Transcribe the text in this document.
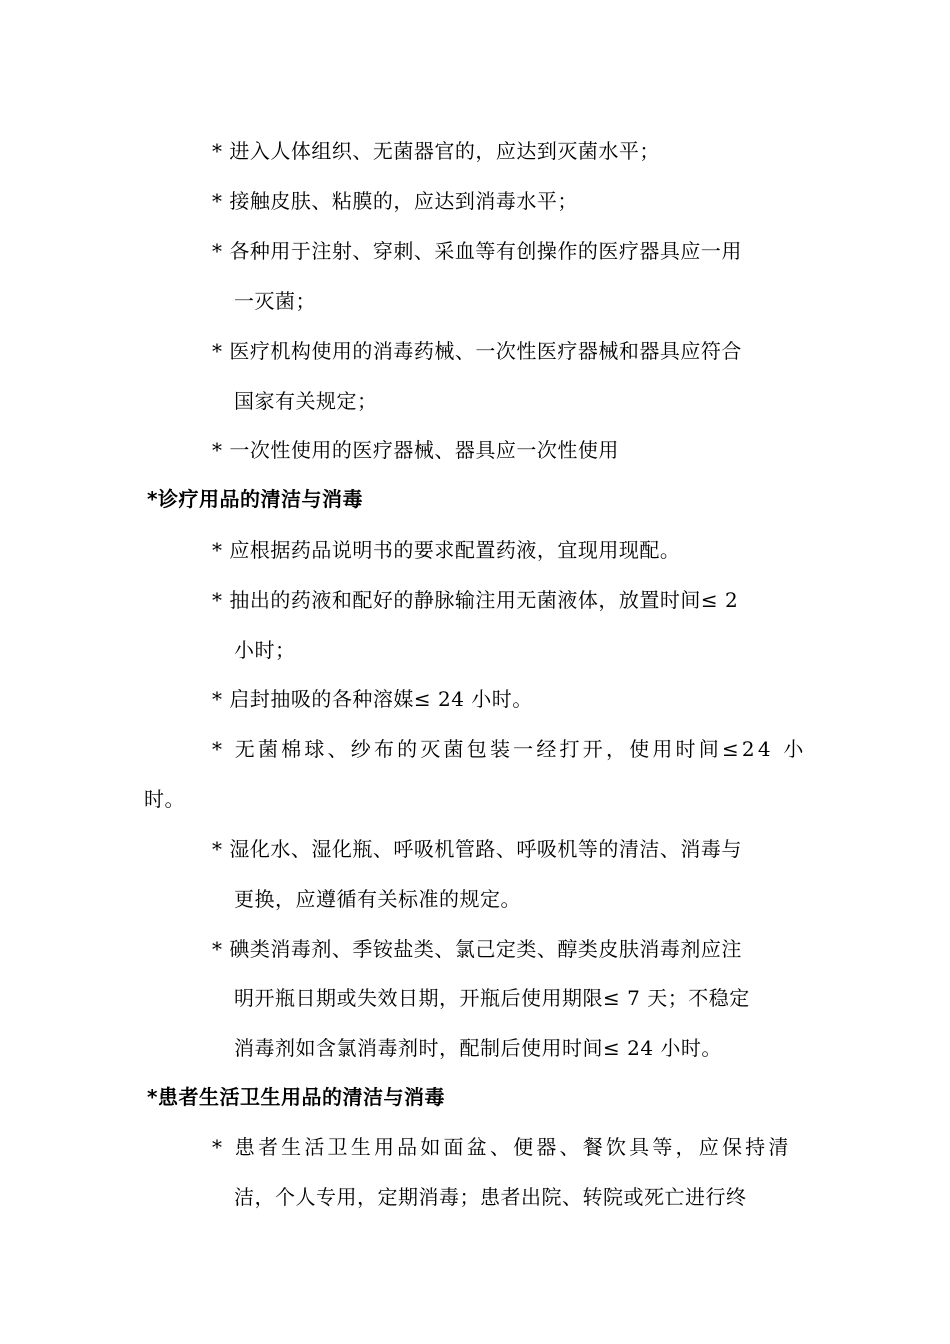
* 进入人体组织、无菌器官的，应达到灭菌水平；
* 接触皮肤、粘膜的，应达到消毒水平；
* 各种用于注射、穿刺、采血等有创操作的医疗器具应一用
一灭菌；
* 医疗机构使用的消毒药械、一次性医疗器械和器具应符合
国家有关规定；
* 一次性使用的医疗器械、器具应一次性使用
*诊疗用品的清洁与消毒
* 应根据药品说明书的要求配置药液，宜现用现配。
* 抽出的药液和配好的静脉输注用无菌液体，放置时间≤ 2
小时；
* 启封抽吸的各种溶媒≤ 24 小时。
* 无菌棉球、纱布的灭菌包装一经打开，使用时间≤24 小
时。
* 湿化水、湿化瓶、呼吸机管路、呼吸机等的清洁、消毒与
更换，应遵循有关标准的规定。
* 碘类消毒剂、季铵盐类、氯己定类、醇类皮肤消毒剂应注
明开瓶日期或失效日期，开瓶后使用期限≤ 7 天；不稳定
消毒剂如含氯消毒剂时，配制后使用时间≤ 24 小时。
*患者生活卫生用品的清洁与消毒
* 患者生活卫生用品如面盆、便器、餐饮具等，应保持清
洁，个人专用，定期消毒；患者出院、转院或死亡进行终
